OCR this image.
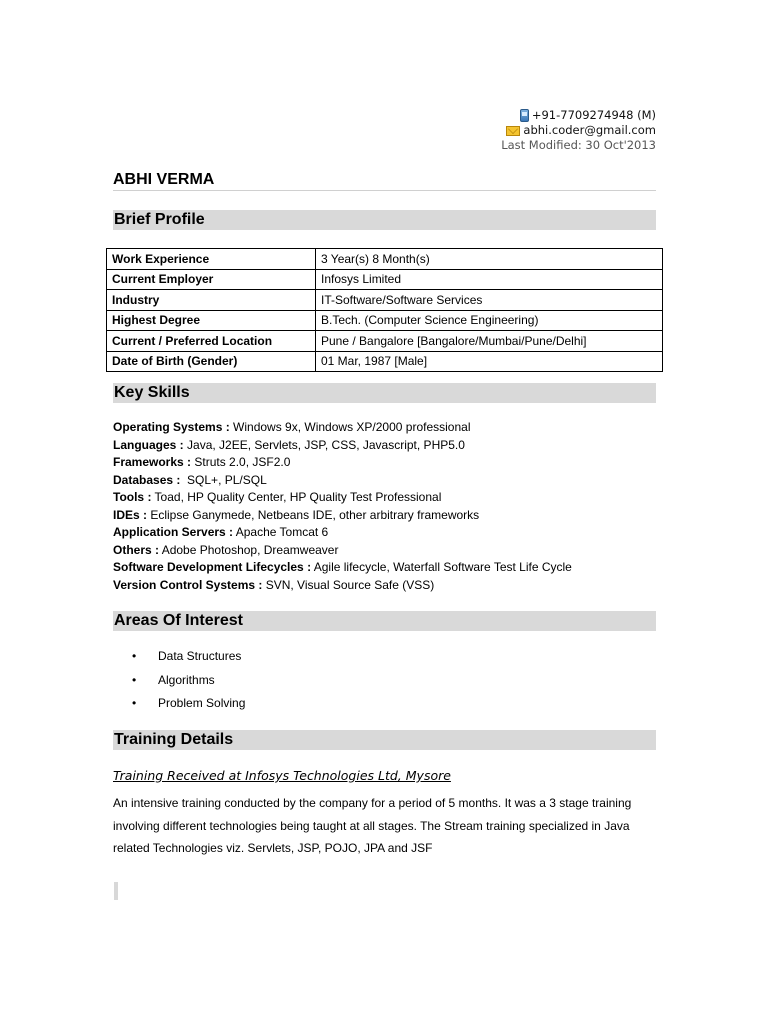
+91-7709274948 (M)
abhi.coder@gmail.com
Last Modified: 30 Oct'2013
ABHI VERMA
Brief Profile
Work Experience	3 Year(s) 8 Month(s)
Current Employer	Infosys Limited
Industry	IT-Software/Software Services
Highest Degree	B.Tech. (Computer Science Engineering)
Current / Preferred Location	Pune / Bangalore [Bangalore/Mumbai/Pune/Delhi]
Date of Birth (Gender)	01 Mar, 1987 [Male]
Key Skills
Operating Systems : Windows 9x, Windows XP/2000 professional
Languages : Java, J2EE, Servlets, JSP, CSS, Javascript, PHP5.0
Frameworks : Struts 2.0, JSF2.0
Databases :  SQL+, PL/SQL
Tools : Toad, HP Quality Center, HP Quality Test Professional
IDEs : Eclipse Ganymede, Netbeans IDE, other arbitrary frameworks
Application Servers : Apache Tomcat 6
Others : Adobe Photoshop, Dreamweaver
Software Development Lifecycles : Agile lifecycle, Waterfall Software Test Life Cycle
Version Control Systems : SVN, Visual Source Safe (VSS)
Areas Of Interest
•	Data Structures
•	Algorithms
•	Problem Solving
Training Details
Training Received at Infosys Technologies Ltd, Mysore
An intensive training conducted by the company for a period of 5 months. It was a 3 stage training involving different technologies being taught at all stages. The Stream training specialized in Java related Technologies viz. Servlets, JSP, POJO, JPA and JSF
